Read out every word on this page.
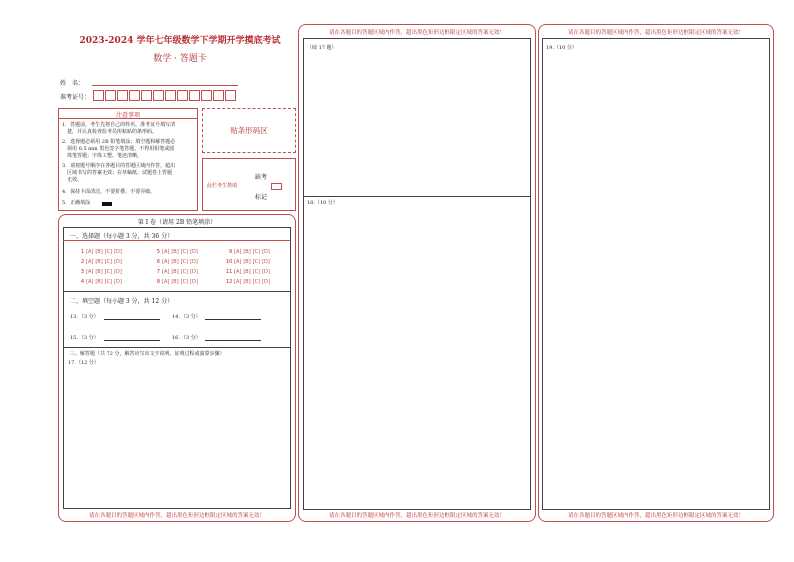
2023-2024 学年七年级数学下学期开学摸底考试
数学 · 答题卡
姓　名：
准考证号：
注意事项
1．答题前，考生先将自己的姓名、准考证号填写清
　楚，并认真检查监考员所粘贴的条形码。
2．选择题必须用 2B 铅笔填涂；填空题和解答题必
　须用 0.5 mm 黑色签字笔答题，不得用铅笔或圆
　珠笔答题；字体工整、笔迹清晰。
3．请按题号顺序在各题目的答题区域内作答，超出
　区域书写的答案无效；在草稿纸、试题卷上答题
　无效。
4．保持卡面清洁，不要折叠、不要弄破。
5．正确填涂
贴条形码区
缺考
此栏考生禁填
标记
第 I 卷（请用 2B 铅笔填涂）
一、选择题（每小题 3 分，共 36 分）
1 [A] [B] [C] [D]
2 [A] [B] [C] [D]
3 [A] [B] [C] [D]
4 [A] [B] [C] [D]
5 [A] [B] [C] [D]
6 [A] [B] [C] [D]
7 [A] [B] [C] [D]
8 [A] [B] [C] [D]
9 [A] [B] [C] [D]
10 [A] [B] [C] [D]
11 [A] [B] [C] [D]
12 [A] [B] [C] [D]
二、填空题（每小题 3 分，共 12 分）
13．（3 分）	14．（3 分）
15．（3 分）	16．（3 分）
三、解答题（共 72 分，解答应写出文字说明、证明过程或演算步骤）
17.（12 分）
请在各题目的答题区域内作答，超出黑色矩形边框限定区域的答案无效！
请在各题目的答题区域内作答，超出黑色矩形边框限定区域的答案无效！
（续 17 题）
18.（10 分）
请在各题目的答题区域内作答，超出黑色矩形边框限定区域的答案无效！
请在各题目的答题区域内作答，超出黑色矩形边框限定区域的答案无效！
19.（10 分）
请在各题目的答题区域内作答，超出黑色矩形边框限定区域的答案无效！
